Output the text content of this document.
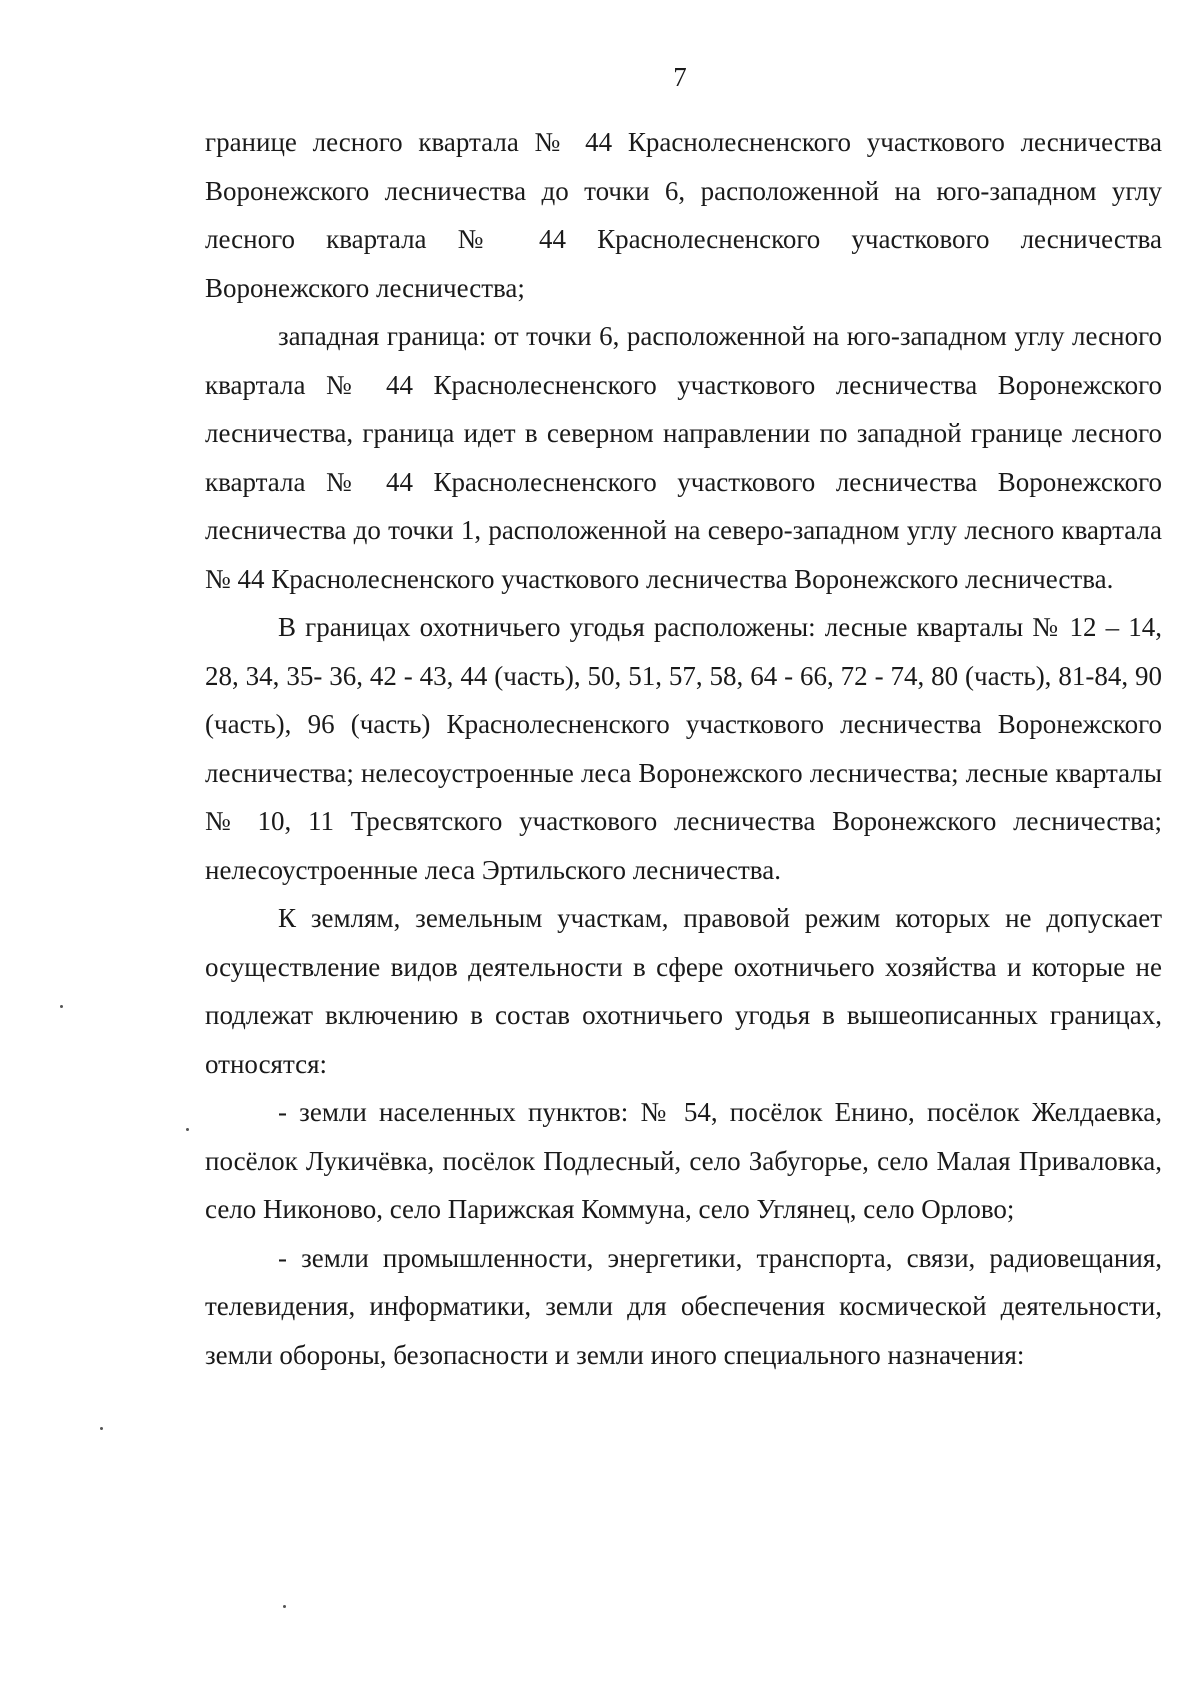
7

границе лесного квартала № 44 Краснолесненского участкового лесничества Воронежского лесничества до точки 6, расположенной на юго-западном углу лесного квартала № 44 Краснолесненского участкового лесничества Воронежского лесничества;

западная граница: от точки 6, расположенной на юго-западном углу лесного квартала № 44 Краснолесненского участкового лесничества Воронежского лесничества, граница идет в северном направлении по западной границе лесного квартала № 44 Краснолесненского участкового лесничества Воронежского лесничества до точки 1, расположенной на северо-западном углу лесного квартала № 44 Краснолесненского участкового лесничества Воронежского лесничества.

В границах охотничьего угодья расположены: лесные кварталы № 12 – 14, 28, 34, 35- 36, 42 - 43, 44 (часть), 50, 51, 57, 58, 64 - 66, 72 - 74, 80 (часть), 81-84, 90 (часть), 96 (часть) Краснолесненского участкового лесничества Воронежского лесничества; нелесоустроенные леса Воронежского лесничества; лесные кварталы № 10, 11 Тресвятского участкового лесничества Воронежского лесничества; нелесоустроенные леса Эртильского лесничества.

К землям, земельным участкам, правовой режим которых не допускает осуществление видов деятельности в сфере охотничьего хозяйства и которые не подлежат включению в состав охотничьего угодья в вышеописанных границах, относятся:

- земли населенных пунктов: № 54, посёлок Енино, посёлок Желдаевка, посёлок Лукичёвка, посёлок Подлесный, село Забугорье, село Малая Приваловка, село Никоново, село Парижская Коммуна, село Углянец, село Орлово;

- земли промышленности, энергетики, транспорта, связи, радиовещания, телевидения, информатики, земли для обеспечения космической деятельности, земли обороны, безопасности и земли иного специального назначения:
